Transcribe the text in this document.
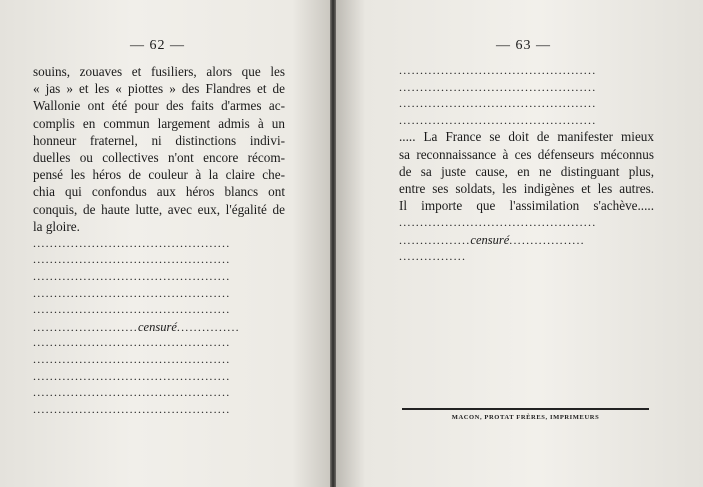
— 62 —
souins, zouaves et fusiliers, alors que les
« jas » et les « piottes » des Flandres et de
Wallonie ont été pour des faits d'armes ac-
complis en commun largement admis à un
honneur fraternel, ni distinctions indivi-
duelles ou collectives n'ont encore récom-
pensé les héros de couleur à la claire che-
chia qui confondus aux héros blancs ont
conquis, de haute lutte, avec eux, l'égalité de
la gloire.
...............................................
...............................................
...............................................
...............................................
...............................................
.........................censuré...............
...............................................
...............................................
...............................................
...............................................
...............................................
— 63 —
...............................................
...............................................
...............................................
...............................................
..... La France se doit de manifester mieux
sa reconnaissance à ces défenseurs méconnus
de sa juste cause, en ne distinguant plus,
entre ses soldats, les indigènes et les autres.
Il importe que l'assimilation s'achève.....
...............................................
.................censuré..................
................
MACON, PROTAT FRÈRES, IMPRIMEURS
